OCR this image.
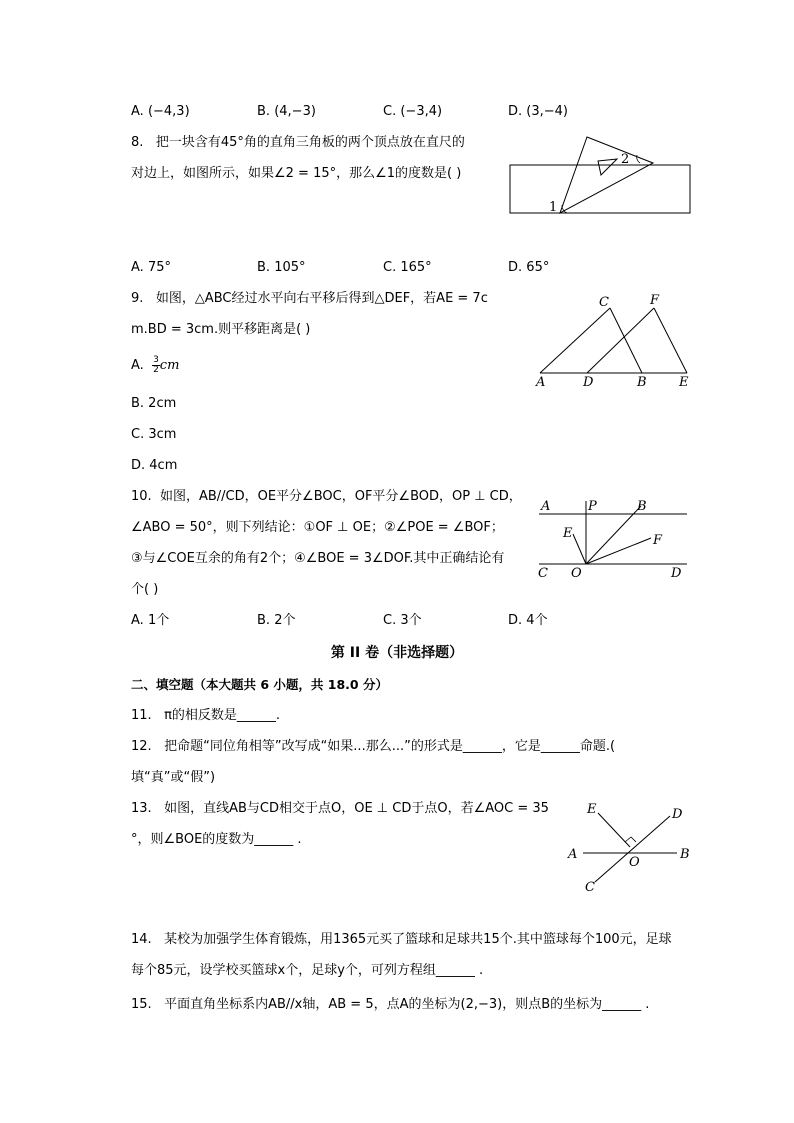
A. (−4,3)	B. (4,−3)	C. (−3,4)	D. (3,−4)
8. 把一块含有45°角的直角三角板的两个顶点放在直尺的
对边上，如图所示，如果∠2 = 15°，那么∠1的度数是( )
1
2
A. 75°	B. 105°	C. 165°	D. 65°
9. 如图，△ABC经过水平向右平移后得到△DEF，若AE = 7c
m.BD = 3cm.则平移距离是( )
C	F
A	D	B E
A. $\frac{3}{2}$ cm
B. 2cm
C. 3cm
D. 4cm
10. 如图，AB//CD，OE平分∠BOC，OF平分∠BOD，OP ⊥ CD，
∠ABO = 50°，则下列结论：①OF ⊥ OE；②∠POE = ∠BOF；
③与∠COE互余的角有2个；④∠BOE = 3∠DOF.其中正确结论有
个( )
A	P	B
E	F
C O	D
A. 1个	B. 2个	C. 3个	D. 4个
第 II 卷（非选择题）
二、填空题（本大题共 6 小题，共 18.0 分）
11. π的相反数是______.
12. 把命题“同位角相等”改写成“如果...那么...”的形式是______，它是______命题.(
填“真”或“假”)
13. 如图，直线AB与CD相交于点O，OE ⊥ CD于点O，若∠AOC = 35
°，则∠BOE的度数为______ .
E	D
A
O
B
C
14. 某校为加强学生体育锻炼，用1365元买了篮球和足球共15个.其中篮球每个100元，足球
每个85元，设学校买篮球x个，足球y个，可列方程组______ .
15. 平面直角坐标系内AB//x轴，AB = 5，点A的坐标为(2,−3)，则点B的坐标为______ .
